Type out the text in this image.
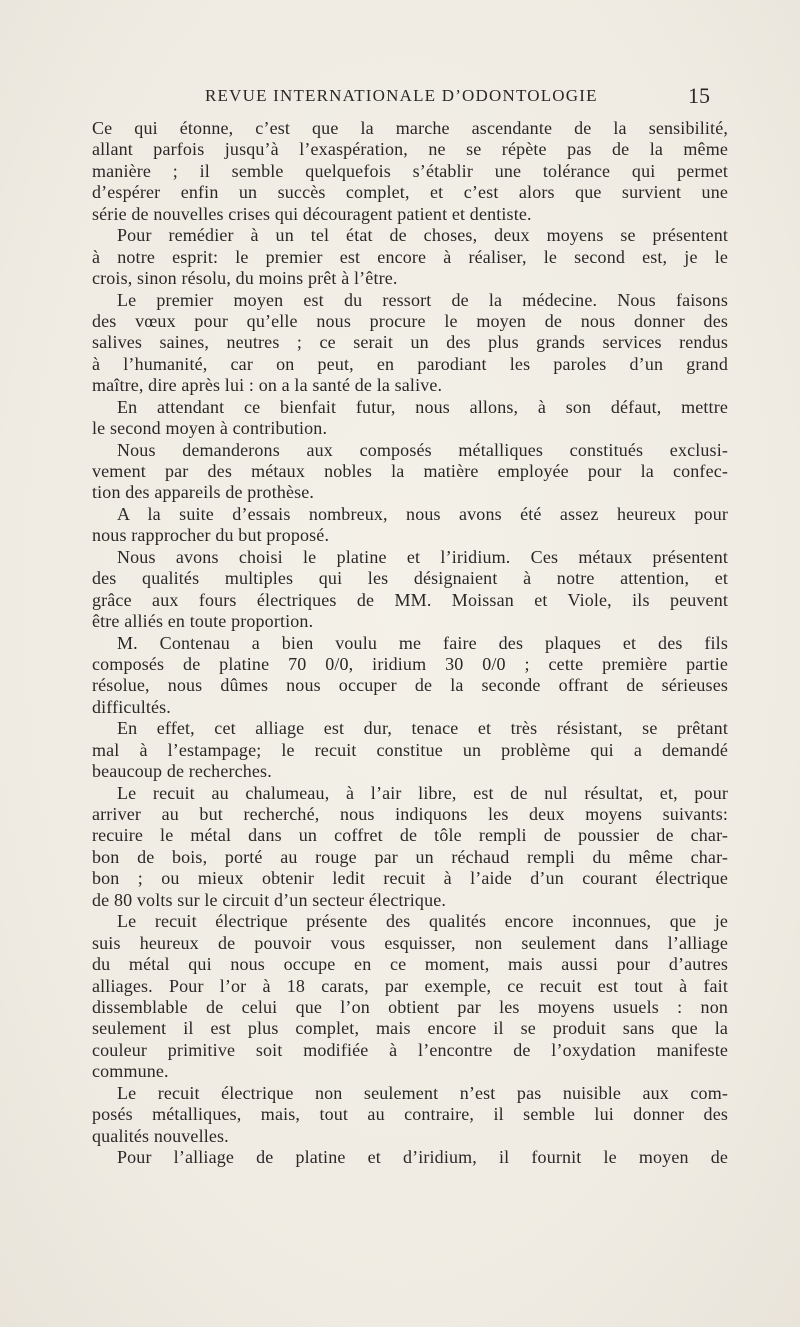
REVUE INTERNATIONALE D’ODONTOLOGIE	15
Ce qui étonne, c’est que la marche ascendante de la sensibilité,
allant parfois jusqu’à l’exaspération, ne se répète pas de la même
manière ; il semble quelquefois s’établir une tolérance qui permet
d’espérer enfin un succès complet, et c’est alors que survient une
série de nouvelles crises qui découragent patient et dentiste.
Pour remédier à un tel état de choses, deux moyens se présentent
à notre esprit: le premier est encore à réaliser, le second est, je le
crois, sinon résolu, du moins prêt à l’être.
Le premier moyen est du ressort de la médecine. Nous faisons
des vœux pour qu’elle nous procure le moyen de nous donner des
salives saines, neutres ; ce serait un des plus grands services rendus
à l’humanité, car on peut, en parodiant les paroles d’un grand
maître, dire après lui : on a la santé de la salive.
En attendant ce bienfait futur, nous allons, à son défaut, mettre
le second moyen à contribution.
Nous demanderons aux composés métalliques constitués exclusi-
vement par des métaux nobles la matière employée pour la confec-
tion des appareils de prothèse.
A la suite d’essais nombreux, nous avons été assez heureux pour
nous rapprocher du but proposé.
Nous avons choisi le platine et l’iridium. Ces métaux présentent
des qualités multiples qui les désignaient à notre attention, et
grâce aux fours électriques de MM. Moissan et Viole, ils peuvent
être alliés en toute proportion.
M. Contenau a bien voulu me faire des plaques et des fils
composés de platine 70 0/0, iridium 30 0/0 ; cette première partie
résolue, nous dûmes nous occuper de la seconde offrant de sérieuses
difficultés.
En effet, cet alliage est dur, tenace et très résistant, se prêtant
mal à l’estampage; le recuit constitue un problème qui a demandé
beaucoup de recherches.
Le recuit au chalumeau, à l’air libre, est de nul résultat, et, pour
arriver au but recherché, nous indiquons les deux moyens suivants:
recuire le métal dans un coffret de tôle rempli de poussier de char-
bon de bois, porté au rouge par un réchaud rempli du même char-
bon ; ou mieux obtenir ledit recuit à l’aide d’un courant électrique
de 80 volts sur le circuit d’un secteur électrique.
Le recuit électrique présente des qualités encore inconnues, que je
suis heureux de pouvoir vous esquisser, non seulement dans l’alliage
du métal qui nous occupe en ce moment, mais aussi pour d’autres
alliages. Pour l’or à 18 carats, par exemple, ce recuit est tout à fait
dissemblable de celui que l’on obtient par les moyens usuels : non
seulement il est plus complet, mais encore il se produit sans que la
couleur primitive soit modifiée à l’encontre de l’oxydation manifeste
commune.
Le recuit électrique non seulement n’est pas nuisible aux com-
posés métalliques, mais, tout au contraire, il semble lui donner des
qualités nouvelles.
Pour l’alliage de platine et d’iridium, il fournit le moyen de
